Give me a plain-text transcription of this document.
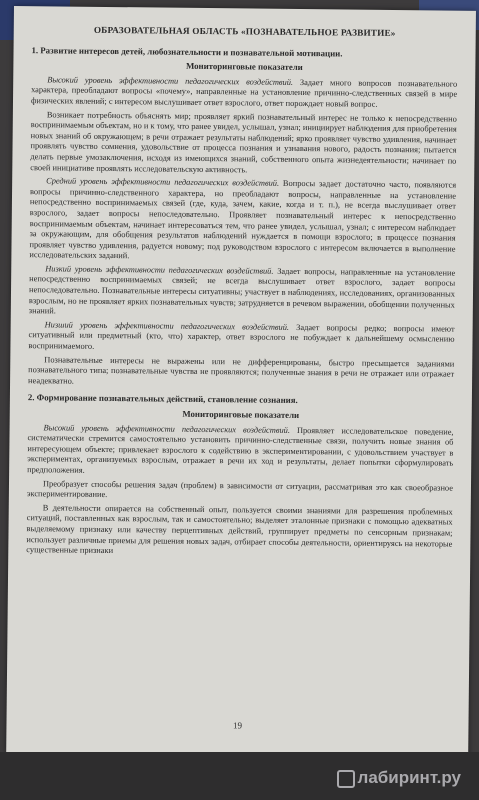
ОБРАЗОВАТЕЛЬНАЯ ОБЛАСТЬ «ПОЗНАВАТЕЛЬНОЕ РАЗВИТИЕ»
1. Развитие интересов детей, любознательности и познавательной мотивации.
Мониторинговые показатели

Высокий уровень эффективности педагогических воздействий. Задает много вопросов познавательного характера, преобладают вопросы «почему», направленные на установление причинно-следственных связей в мире физических явлений; с интересом выслушивает ответ взрослого, ответ порождает новый вопрос.

Возникает потребность объяснять мир; проявляет яркий познавательный интерес не только к непосредственно воспринимаемым объектам, но и к тому, что ранее увидел, услышал, узнал; инициирует наблюдения для приобретения новых знаний об окружающем; в речи отражает результаты наблюдений; ярко проявляет чувство удивления, начинает проявлять чувство сомнения, удовольствие от процесса познания и узнавания нового, радость познания; пытается делать первые умозаключения, исходя из имеющихся знаний, собственного опыта жизнедеятельности; начинает по своей инициативе проявлять исследовательскую активность.

Средний уровень эффективности педагогических воздействий. Вопросы задает достаточно часто, появляются вопросы причинно-следственного характера, но преобладают вопросы, направленные на установление непосредственно воспринимаемых связей (где, куда, зачем, какие, когда и т. п.), не всегда выслушивает ответ взрослого, задает вопросы непоследовательно. Проявляет познавательный интерес к непосредственно воспринимаемым объектам, начинает интересоваться тем, что ранее увидел, услышал, узнал; с интересом наблюдает за окружающим, для обобщения результатов наблюдений нуждается в помощи взрослого; в процессе познания проявляет чувство удивления, радуется новому; под руководством взрослого с интересом включается в выполнение исследовательских заданий.

Низкий уровень эффективности педагогических воздействий. Задает вопросы, направленные на установление непосредственно воспринимаемых связей; не всегда выслушивает ответ взрослого, задает вопросы непоследовательно. Познавательные интересы ситуативны; участвует в наблюдениях, исследованиях, организованных взрослым, но не проявляет ярких познавательных чувств; затрудняется в речевом выражении, обобщении полученных знаний.

Низший уровень эффективности педагогических воздействий. Задает вопросы редко; вопросы имеют ситуативный или предметный (кто, что) характер, ответ взрослого не побуждает к дальнейшему осмыслению воспринимаемого.

Познавательные интересы не выражены или не дифференцированы, быстро пресыщается заданиями познавательного типа; познавательные чувства не проявляются; полученные знания в речи не отражает или отражает неадекватно.

2. Формирование познавательных действий, становление сознания.
Мониторинговые показатели

Высокий уровень эффективности педагогических воздействий. Проявляет исследовательское поведение, систематически стремится самостоятельно установить причинно-следственные связи, получить новые знания об интересующем объекте; привлекает взрослого к содействию в экспериментировании, с удовольствием участвует в экспериментах, организуемых взрослым, отражает в речи их ход и результаты, делает попытки сформулировать предположения.

Преобразует способы решения задач (проблем) в зависимости от ситуации, рассматривая это как своеобразное экспериментирование.

В деятельности опирается на собственный опыт, пользуется своими знаниями для разрешения проблемных ситуаций, поставленных как взрослым, так и самостоятельно; выделяет эталонные признаки с помощью адекватных выделяемому признаку или качеству перцептивных действий, группирует предметы по сенсорным признакам; использует различные приемы для решения новых задач, отбирает способы деятельности, ориентируясь на некоторые существенные признаки

19
лабиринт.ру
